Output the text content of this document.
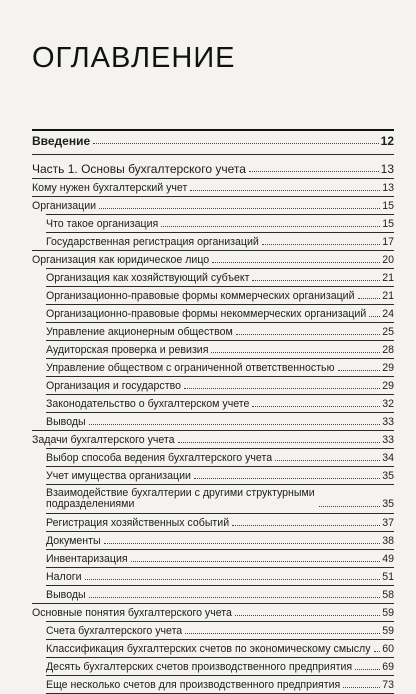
ОГЛАВЛЕНИЕ
Введение	12
Часть 1. Основы бухгалтерского учета	13
Кому нужен бухгалтерский учет	13
Организации	15
Что такое организация	15
Государственная регистрация организаций	17
Организация как юридическое лицо	20
Организация как хозяйствующий субъект	21
Организационно-правовые формы коммерческих организаций	21
Организационно-правовые формы некоммерческих организаций 24
Управление акционерным обществом	25
Аудиторская проверка и ревизия	28
Управление обществом с ограниченной ответственностью	29
Организация и государство	29
Законодательство о бухгалтерском учете	32
Выводы	33
Задачи бухгалтерского учета	33
Выбор способа ведения бухгалтерского учета	34
Учет имущества организации	35
Взаимодействие бухгалтерии с другими структурными подразделениями	35
Регистрация хозяйственных событий	37
Документы	38
Инвентаризация	49
Налоги	51
Выводы	58
Основные понятия бухгалтерского учета	59
Счета бухгалтерского учета	59
Классификация бухгалтерских счетов по экономическому смыслу 60
Десять бухгалтерских счетов производственного предприятия	69
Еще несколько счетов для производственного предприятия	73
